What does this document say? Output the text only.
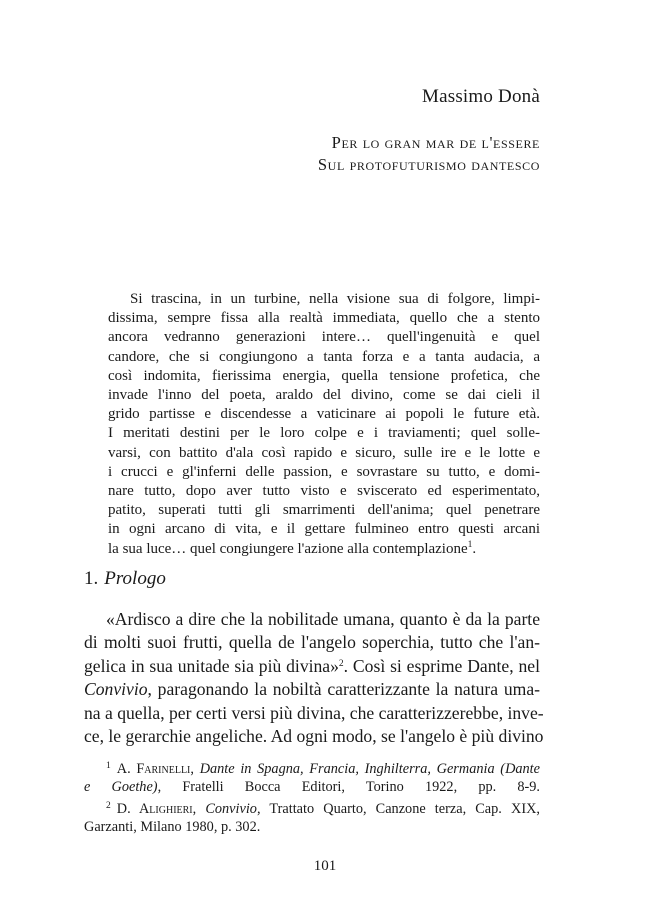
Massimo Donà
Per lo gran mar de l'essere
Sul protofuturismo dantesco
Si trascina, in un turbine, nella visione sua di folgore, limpi-
dissima, sempre fissa alla realtà immediata, quello che a stento
ancora vedranno generazioni intere… quell'ingenuità e quel
candore, che si congiungono a tanta forza e a tanta audacia, a
così indomita, fierissima energia, quella tensione profetica, che
invade l'inno del poeta, araldo del divino, come se dai cieli il
grido partisse e discendesse a vaticinare ai popoli le future età.
I meritati destini per le loro colpe e i traviamenti; quel solle-
varsi, con battito d'ala così rapido e sicuro, sulle ire e le lotte e
i crucci e gl'inferni delle passion, e sovrastare su tutto, e domi-
nare tutto, dopo aver tutto visto e sviscerato ed esperimentato,
patito, superati tutti gli smarrimenti dell'anima; quel penetrare
in ogni arcano di vita, e il gettare fulmineo entro questi arcani
la sua luce… quel congiungere l'azione alla contemplazione$^1$.
1. Prologo
«Ardisco a dire che la nobilitade umana, quanto è da la parte
di molti suoi frutti, quella de l'angelo soperchia, tutto che l'an-
gelica in sua unitade sia più divina»$^2$. Così si esprime Dante, nel
Convivio, paragonando la nobiltà caratterizzante la natura uma-
na a quella, per certi versi più divina, che caratterizzerebbe, inve-
ce, le gerarchie angeliche. Ad ogni modo, se l'angelo è più divino
$^1$ A. Farinelli, Dante in Spagna, Francia, Inghilterra, Germania (Dante
e Goethe), Fratelli Bocca Editori, Torino 1922, pp. 8-9.
$^2$ D. Alighieri, Convivio, Trattato Quarto, Canzone terza, Cap. XIX,
Garzanti, Milano 1980, p. 302.
101
